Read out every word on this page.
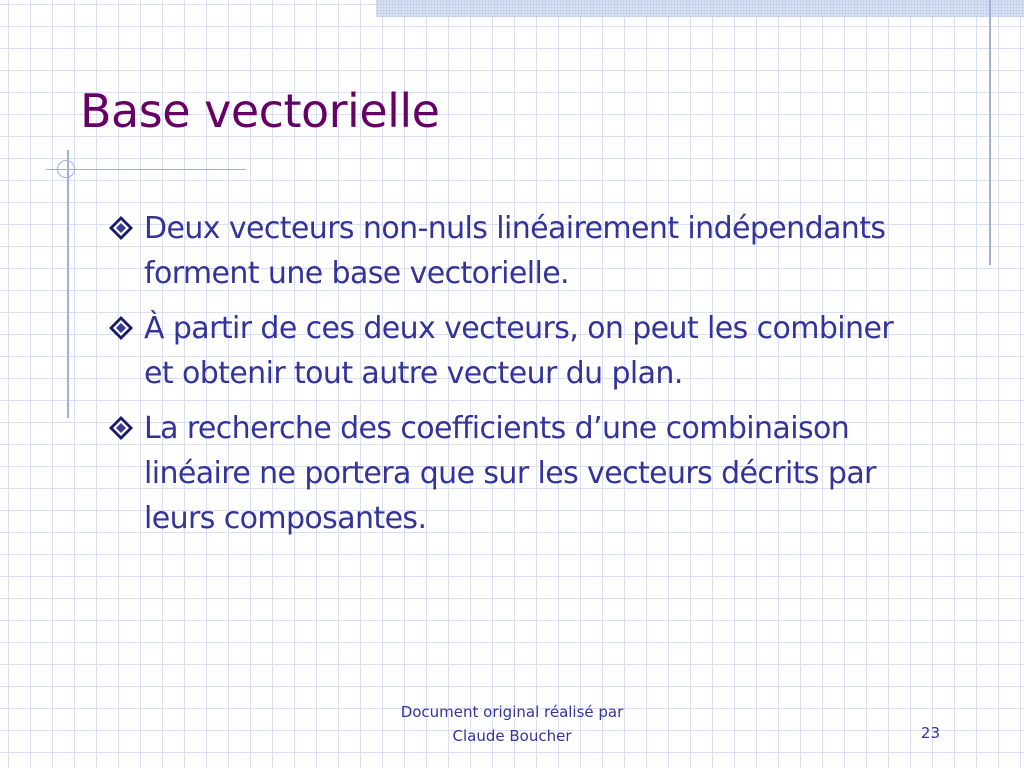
Base vectorielle
Deux vecteurs non-nuls linéairement indépendants forment une base vectorielle.
À partir de ces deux vecteurs, on peut les combiner et obtenir tout autre vecteur du plan.
La recherche des coefficients d’une combinaison linéaire ne portera que sur les vecteurs décrits par leurs composantes.
Document original réalisé par
Claude Boucher	23
